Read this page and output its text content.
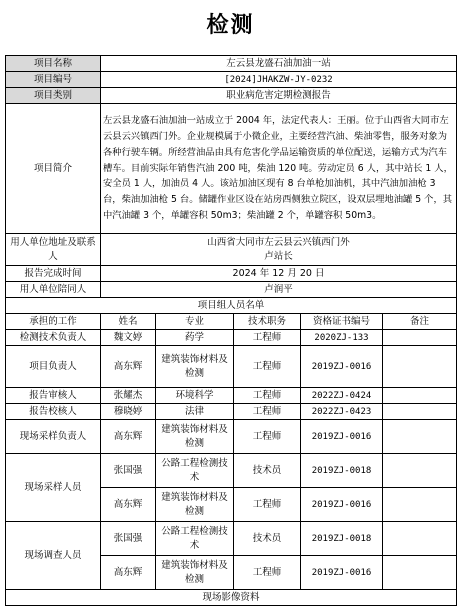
检测
项目名称	左云县龙盛石油加油一站				
项目编号	[2024]JHAKZW-JY-0232				
项目类别	职业病危害定期检测报告				
项目简介	左云县龙盛石油加油一站成立于 2004 年，法定代表人：王丽。位于山西省大同市左云县云兴镇西门外。企业规模属于小微企业，主要经营汽油、柴油零售，服务对象为各种行驶车辆。所经营油品由具有危害化学品运输资质的单位配送，运输方式为汽车槽车。目前实际年销售汽油 200 吨，柴油 120 吨。劳动定员 6 人，其中站长 1 人，安全员 1 人，加油员 4 人。该站加油区现有 8 台单枪加油机，其中汽油加油枪 3 台，柴油加油枪 5 台。储罐作业区设在站房西侧独立院区，设双层埋地油罐 5 个，其中汽油罐 3 个，单罐容积 50m3；柴油罐 2 个，单罐容积 50m3。				
用人单位地址及联系人	山西省大同市左云县云兴镇西门外
卢站长				

报告完成时间	2024 年 12 月 20 日				
用人单位陪同人	卢润平				
项目组人员名单					
承担的工作	姓名	专业	技术职务	资格证书编号	备注
检测技术负责人	魏文婷	药学	工程师	2020ZJ-133	
项目负责人	高东辉	建筑装饰材料及检测	工程师	2019ZJ-0016	
报告审核人	张耀杰	环境科学	工程师	2022ZJ-0424	
报告校核人	穆晓婷	法律	工程师	2022ZJ-0423	
现场采样负责人	高东辉	建筑装饰材料及检测	工程师	2019ZJ-0016	
现场采样人员	张国强	公路工程检测技术	技术员	2019ZJ-0018	
	高东辉	建筑装饰材料及检测	工程师	2019ZJ-0016	
现场调查人员	张国强	公路工程检测技术	技术员	2019ZJ-0018	
	高东辉	建筑装饰材料及检测	工程师	2019ZJ-0016	
现场影像资料					
